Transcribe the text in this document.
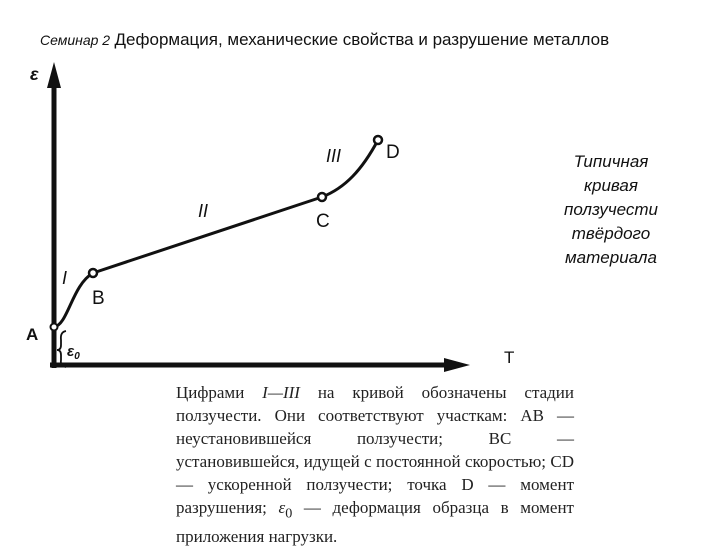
Семинар 2 Деформация, механические свойства и разрушение металлов
ε
T
$\varepsilon_0$
A
B
C
D
I
II
III	Типичная кривая ползучести твёрдого материала
Цифрами I—III на кривой обозначены стадии ползучести. Они соответствуют участкам: AB — неустановившейся ползучести; BC — установившейся, идущей с постоянной скоростью; CD — ускоренной ползучести; точка D — момент разрушения; $\varepsilon_0$ — деформация образца в момент приложения нагрузки.
